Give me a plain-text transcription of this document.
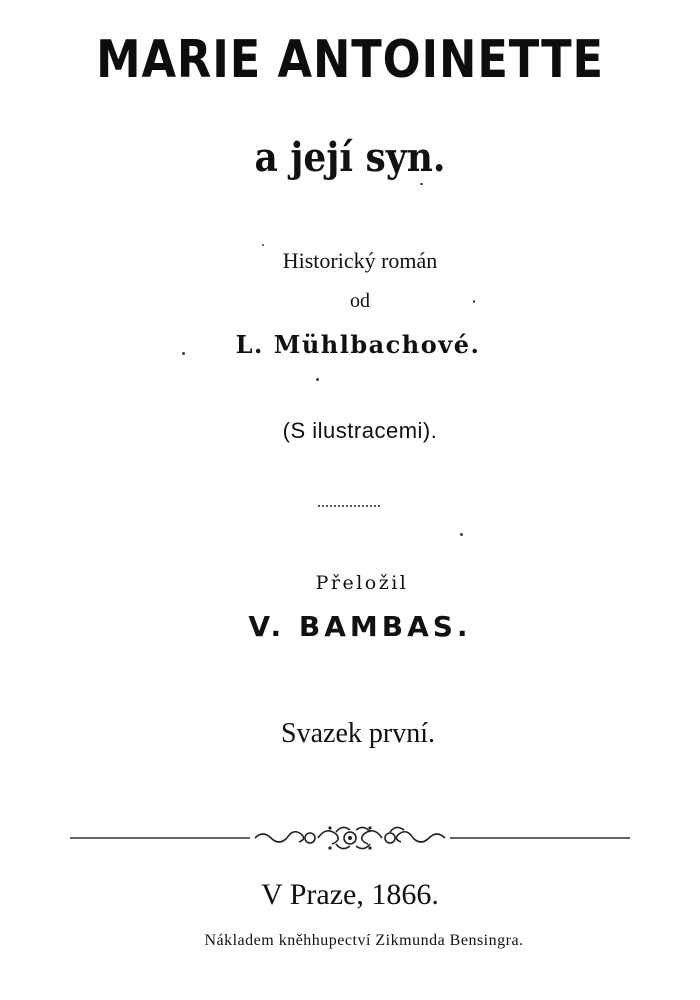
MARIE ANTOINETTE
a její syn.
Historický román
od
L. Mühlbachové.
(S ilustracemi).
Přeložil
V. BAMBAS.
Svazek první.
V Praze, 1866.
Nákladem kněhhupectví Zikmunda Bensingra.
